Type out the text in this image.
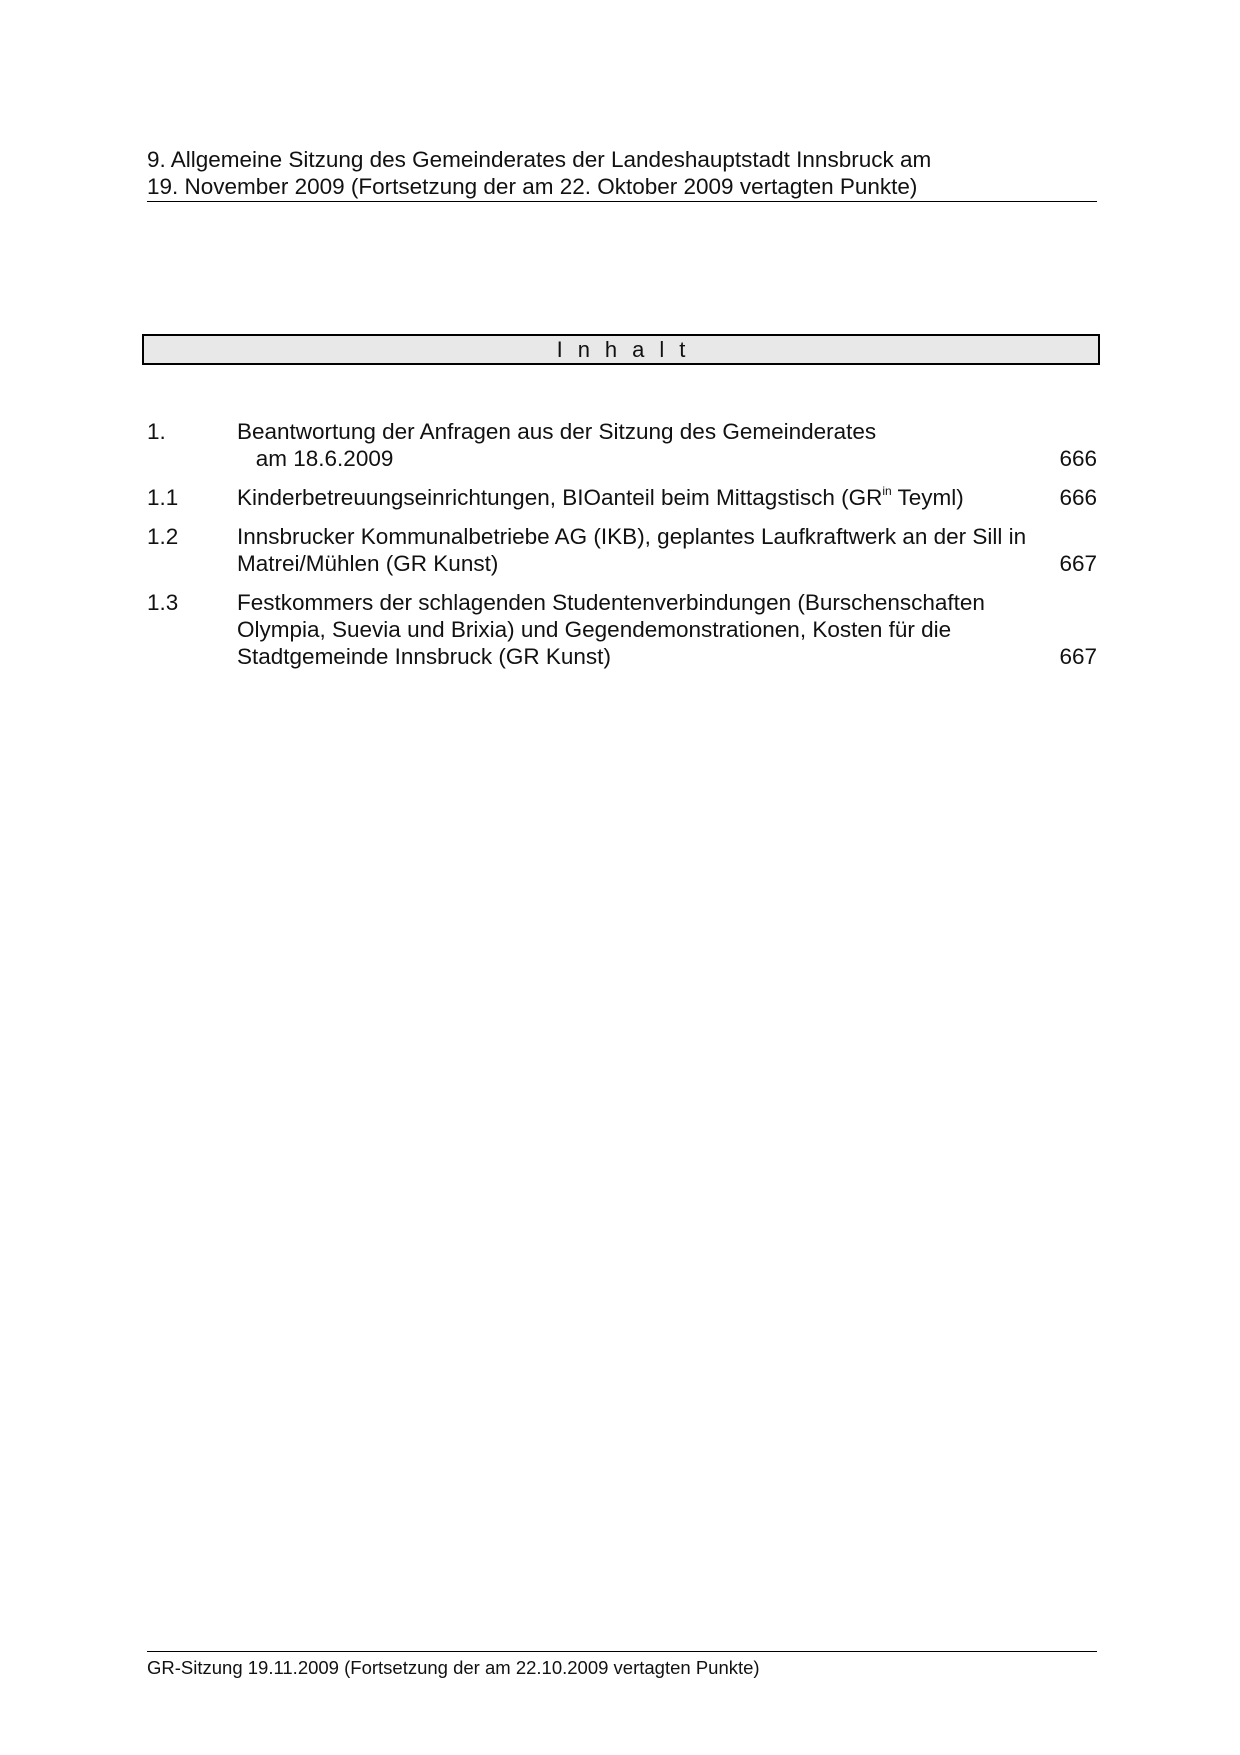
9. Allgemeine Sitzung des Gemeinderates der Landeshauptstadt Innsbruck am
19. November 2009 (Fortsetzung der am 22. Oktober 2009 vertagten Punkte)
Inhalt
1.	Beantwortung der Anfragen aus der Sitzung des Gemeinderates
am 18.6.2009	666
1.1	Kinderbetreuungseinrichtungen, BIOanteil beim Mittagstisch ($GR^{in}$ Teyml)	666
1.2	Innsbrucker Kommunalbetriebe AG (IKB), geplantes Laufkraftwerk an der Sill in
Matrei/Mühlen (GR Kunst)	667
1.3	Festkommers der schlagenden Studentenverbindungen (Burschenschaften
Olympia, Suevia und Brixia) und Gegendemonstrationen, Kosten für die
Stadtgemeinde Innsbruck (GR Kunst)	667
GR-Sitzung 19.11.2009 (Fortsetzung der am 22.10.2009 vertagten Punkte)
